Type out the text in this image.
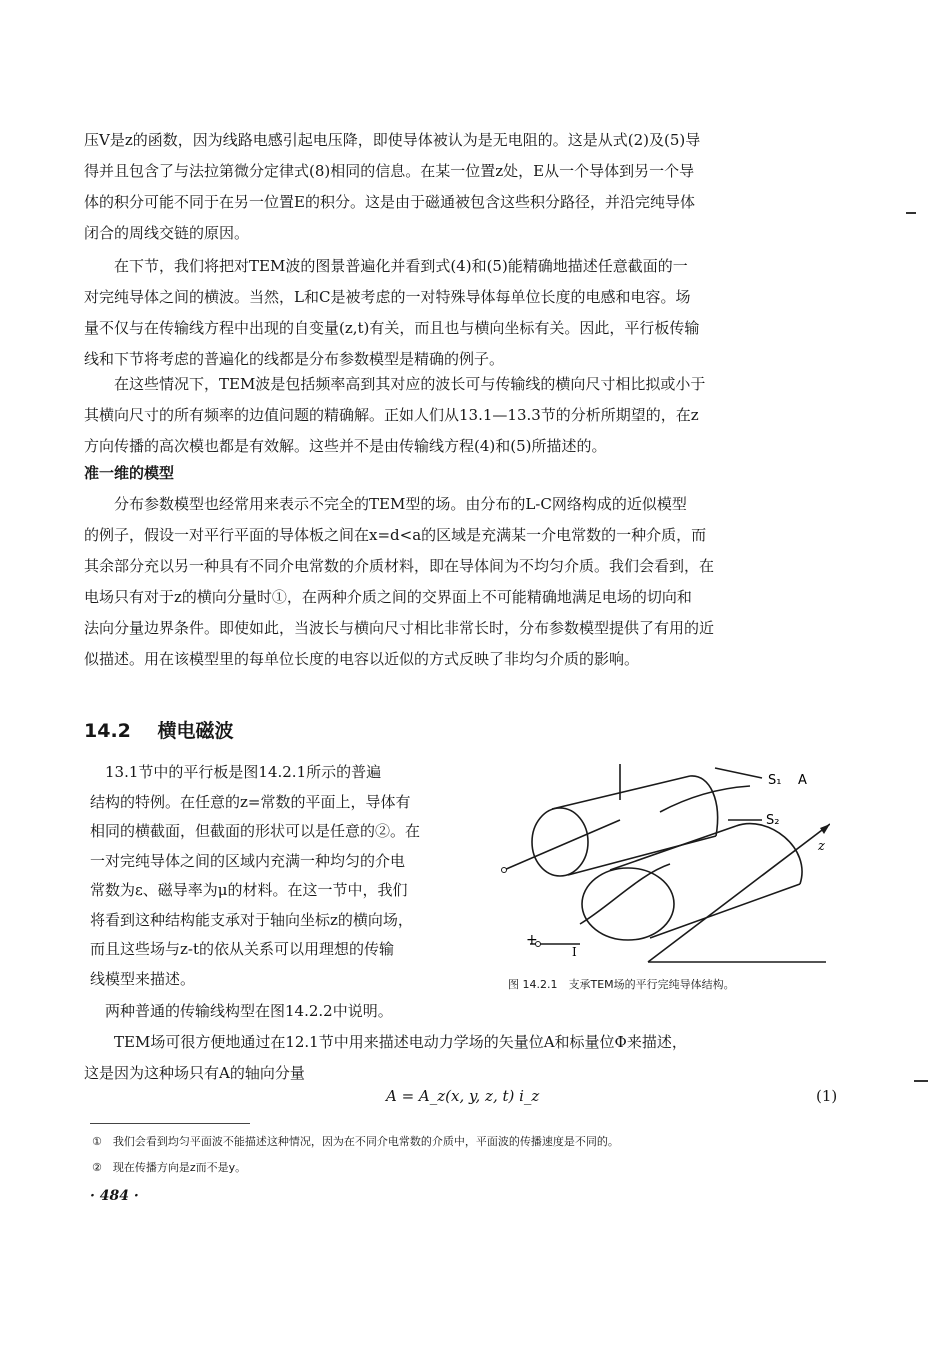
压V是z的函数，因为线路电感引起电压降，即使导体被认为是无电阻的。这是从式(2)及(5)导
得并且包含了与法拉第微分定律式(8)相同的信息。在某一位置z处，E从一个导体到另一个导
体的积分可能不同于在另一位置E的积分。这是由于磁通被包含这些积分路径，并沿完纯导体
闭合的周线交链的原因。
　　在下节，我们将把对TEM波的图景普遍化并看到式(4)和(5)能精确地描述任意截面的一
对完纯导体之间的横波。当然，L和C是被考虑的一对特殊导体每单位长度的电感和电容。场
量不仅与在传输线方程中出现的自变量(z,t)有关，而且也与横向坐标有关。因此，平行板传输
线和下节将考虑的普遍化的线都是分布参数模型是精确的例子。
　　在这些情况下，TEM波是包括频率高到其对应的波长可与传输线的横向尺寸相比拟或小于
其横向尺寸的所有频率的边值问题的精确解。正如人们从13.1—13.3节的分析所期望的，在z
方向传播的高次模也都是有效解。这些并不是由传输线方程(4)和(5)所描述的。
准一维的模型
　　分布参数模型也经常用来表示不完全的TEM型的场。由分布的L-C网络构成的近似模型
的例子，假设一对平行平面的导体板之间在x=d<a的区域是充满某一介电常数的一种介质，而
其余部分充以另一种具有不同介电常数的介质材料，即在导体间为不均匀介质。我们会看到，在
电场只有对于z的横向分量时①，在两种介质之间的交界面上不可能精确地满足电场的切向和
法向分量边界条件。即使如此，当波长与横向尺寸相比非常长时，分布参数模型提供了有用的近
似描述。用在该模型里的每单位长度的电容以近似的方式反映了非均匀介质的影响。
14.2 横电磁波
　13.1节中的平行板是图14.2.1所示的普遍
结构的特例。在任意的z=常数的平面上，导体有
相同的横截面，但截面的形状可以是任意的②。在
一对完纯导体之间的区域内充满一种均匀的介电
常数为ε、磁导率为μ的材料。在这一节中，我们
将看到这种结构能支承对于轴向坐标z的横向场，
而且这些场与z-t的依从关系可以用理想的传输
线模型来描述。
S₁ A
S₂
z
+
I
图 14.2.1　支承TEM场的平行完纯导体结构。
　两种普通的传输线构型在图14.2.2中说明。
　　TEM场可很方便地通过在12.1节中用来描述电动力学场的矢量位A和标量位Φ来描述，
这是因为这种场只有A的轴向分量
A = A_z(x, y, z, t) i_z	(1)
①　我们会看到均匀平面波不能描述这种情况，因为在不同介电常数的介质中，平面波的传播速度是不同的。
②　现在传播方向是z而不是y。
· 484 ·
